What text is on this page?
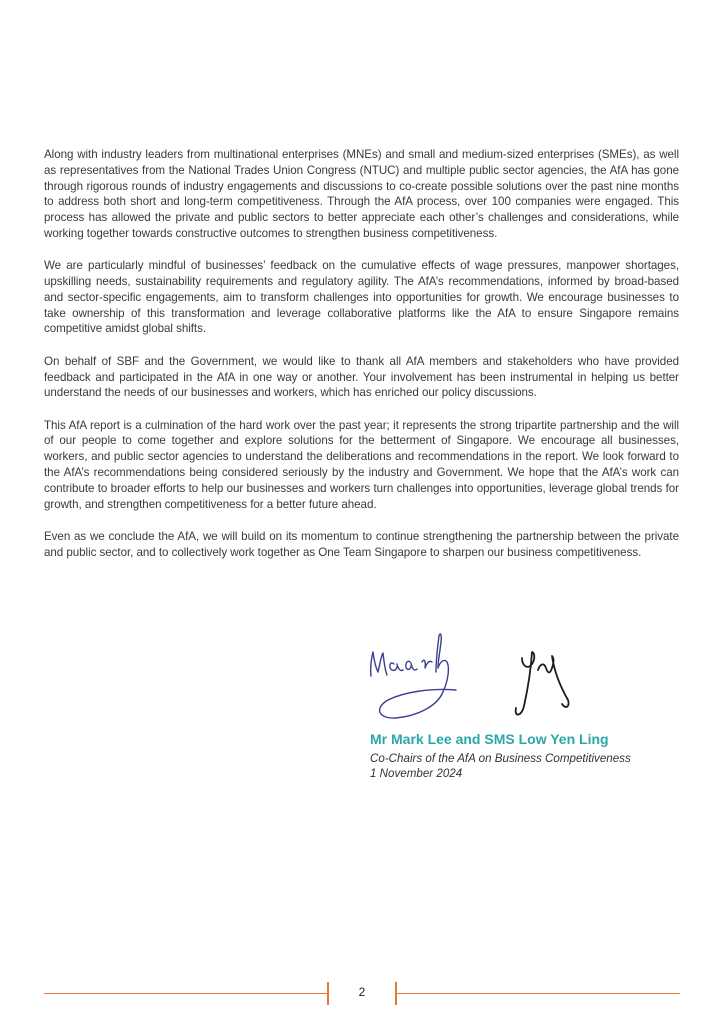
Along with industry leaders from multinational enterprises (MNEs) and small and medium-sized enterprises (SMEs), as well as representatives from the National Trades Union Congress (NTUC) and multiple public sector agencies, the AfA has gone through rigorous rounds of industry engagements and discussions to co-create possible solutions over the past nine months to address both short and long-term competitiveness. Through the AfA process, over 100 companies were engaged. This process has allowed the private and public sectors to better appreciate each other’s challenges and considerations, while working together towards constructive outcomes to strengthen business competitiveness.

We are particularly mindful of businesses’ feedback on the cumulative effects of wage pressures, manpower shortages, upskilling needs, sustainability requirements and regulatory agility. The AfA’s recommendations, informed by broad-based and sector-specific engagements, aim to transform challenges into opportunities for growth. We encourage businesses to take ownership of this transformation and leverage collaborative platforms like the AfA to ensure Singapore remains competitive amidst global shifts.

On behalf of SBF and the Government, we would like to thank all AfA members and stakeholders who have provided feedback and participated in the AfA in one way or another. Your involvement has been instrumental in helping us better understand the needs of our businesses and workers, which has enriched our policy discussions.

This AfA report is a culmination of the hard work over the past year; it represents the strong tripartite partnership and the will of our people to come together and explore solutions for the betterment of Singapore. We encourage all businesses, workers, and public sector agencies to understand the deliberations and recommendations in the report. We look forward to the AfA’s recommendations being considered seriously by the industry and Government. We hope that the AfA’s work can contribute to broader efforts to help our businesses and workers turn challenges into opportunities, leverage global trends for growth, and strengthen competitiveness for a better future ahead.

Even as we conclude the AfA, we will build on its momentum to continue strengthening the partnership between the private and public sector, and to collectively work together as One Team Singapore to sharpen our business competitiveness.

Mr Mark Lee and SMS Low Yen Ling

Co-Chairs of the AfA on Business Competitiveness

1 November 2024

2
